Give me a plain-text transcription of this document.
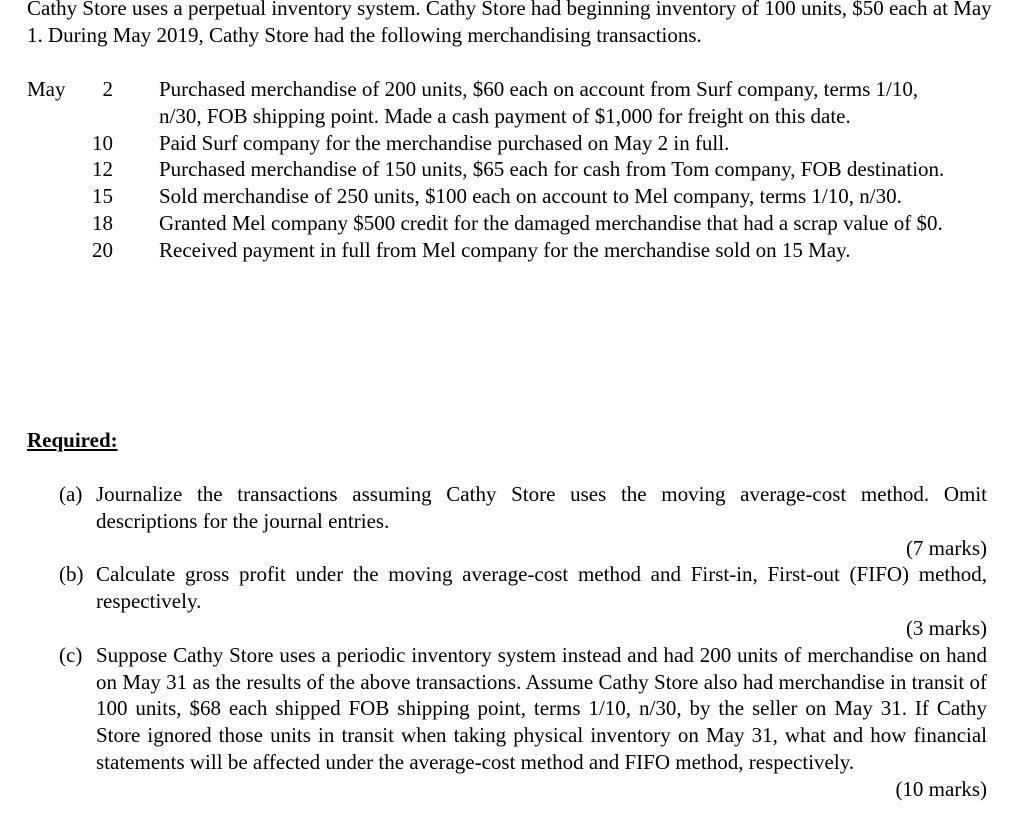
Cathy Store uses a perpetual inventory system. Cathy Store had beginning inventory of 100 units, $50 each at May 1. During May 2019, Cathy Store had the following merchandising transactions.
May	2 Purchased merchandise of 200 units, $60 each on account from Surf company, terms 1/10, n/30, FOB shipping point. Made a cash payment of $1,000 for freight on this date.
10 Paid Surf company for the merchandise purchased on May 2 in full.
12 Purchased merchandise of 150 units, $65 each for cash from Tom company, FOB destination.
15 Sold merchandise of 250 units, $100 each on account to Mel company, terms 1/10, n/30.
18 Granted Mel company $500 credit for the damaged merchandise that had a scrap value of $0.
20 Received payment in full from Mel company for the merchandise sold on 15 May.
Required:
(a) Journalize the transactions assuming Cathy Store uses the moving average-cost method. Omit descriptions for the journal entries.
(7 marks)
(b) Calculate gross profit under the moving average-cost method and First-in, First-out (FIFO) method, respectively.
(3 marks)
(c) Suppose Cathy Store uses a periodic inventory system instead and had 200 units of merchandise on hand on May 31 as the results of the above transactions. Assume Cathy Store also had merchandise in transit of 100 units, $68 each shipped FOB shipping point, terms 1/10, n/30, by the seller on May 31. If Cathy Store ignored those units in transit when taking physical inventory on May 31, what and how financial statements will be affected under the average-cost method and FIFO method, respectively.
(10 marks)
